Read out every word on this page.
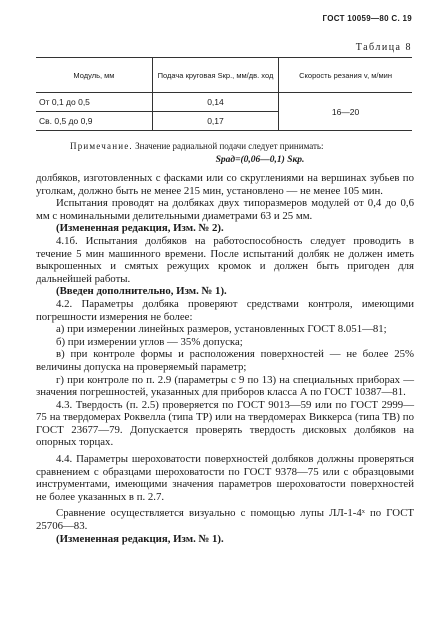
ГОСТ 10059—80 С. 19
Таблица 8
Модуль, мм	Подача круговая Sкр., мм/дв. ход	Скорость резания v, м/мин
От 0,1 до 0,5	0,14	16—20
Св. 0,5 до 0,9	0,17	
Примечание. Значение радиальной подачи следует принимать:
Sрад=(0,06—0,1) Sкр.

долбяков, изготовленных с фасками или со скруглениями на вершинах зубьев по уголкам, должно быть не менее 215 мин, установлено — не менее 105 мин.

Испытания проводят на долбяках двух типоразмеров модулей от 0,4 до 0,6 мм с номинальными делительными диаметрами 63 и 25 мм.

(Измененная редакция, Изм. № 2).

4.1б. Испытания долбяков на работоспособность следует проводить в течение 5 мин машинного времени. После испытаний долбяк не должен иметь выкрошенных и смятых режущих кромок и должен быть пригоден для дальнейшей работы.

(Введен дополнительно, Изм. № 1).

4.2. Параметры долбяка проверяют средствами контроля, имеющими погрешности измерения не более:

а) при измерении линейных размеров, установленных ГОСТ 8.051—81;

б) при измерении углов — 35% допуска;

в) при контроле формы и расположения поверхностей — не более 25% величины допуска на проверяемый параметр;

г) при контроле по п. 2.9 (параметры с 9 по 13) на специальных приборах — значения погрешностей, указанных для приборов класса А по ГОСТ 10387—81.

4.3. Твердость (п. 2.5) проверяется по ГОСТ 9013—59 или по ГОСТ 2999—75 на твердомерах Роквелла (типа ТР) или на твердомерах Виккерса (типа ТВ) по ГОСТ 23677—79. Допускается проверять твердость дисковых долбяков на опорных торцах.

4.4. Параметры шероховатости поверхностей долбяков должны проверяться сравнением с образцами шероховатости по ГОСТ 9378—75 или с образцовыми инструментами, имеющими значения параметров шероховатости поверхностей не более указанных в п. 2.7.

Сравнение осуществляется визуально с помощью лупы ЛЛ-1-4ˣ по ГОСТ 25706—83.

(Измененная редакция, Изм. № 1).
